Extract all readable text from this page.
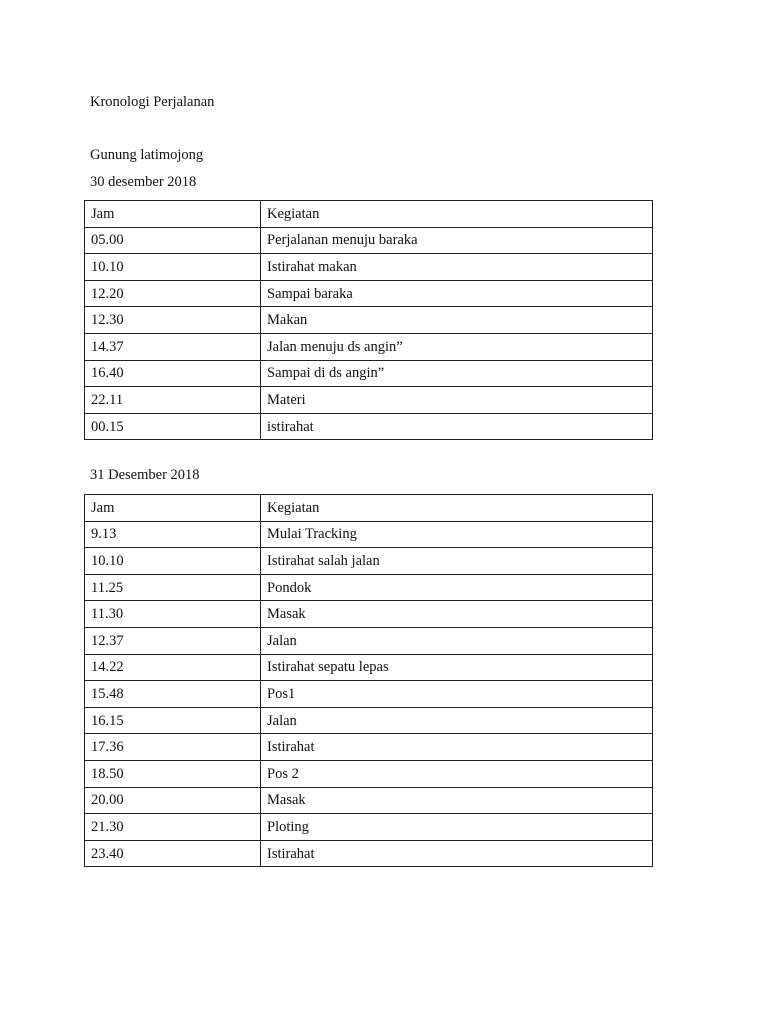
Kronologi Perjalanan
Gunung latimojong
30 desember 2018
Jam	Kegiatan
05.00	Perjalanan menuju baraka
10.10	Istirahat makan
12.20	Sampai baraka
12.30	Makan
14.37	Jalan menuju ds angin”
16.40	Sampai di ds angin”
22.11	Materi
00.15	istirahat
31 Desember 2018
Jam	Kegiatan
9.13	Mulai Tracking
10.10	Istirahat salah jalan
11.25	Pondok
11.30	Masak
12.37	Jalan
14.22	Istirahat sepatu lepas
15.48	Pos1
16.15	Jalan
17.36	Istirahat
18.50	Pos 2
20.00	Masak
21.30	Ploting
23.40	Istirahat
